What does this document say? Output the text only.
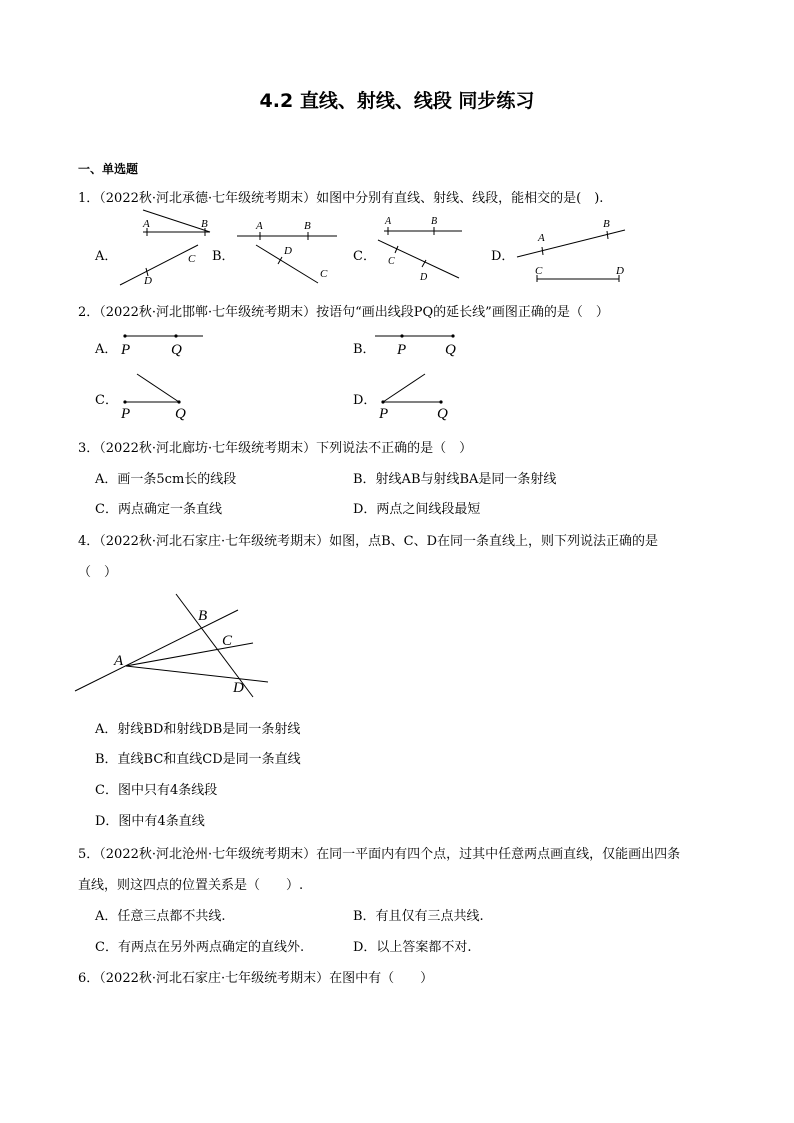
4.2 直线、射线、线段 同步练习
一、单选题
1．（2022秋·河北承德·七年级统考期末）如图中分别有直线、射线、线段，能相交的是(　).
A．	B．	C．	D．
A	B
D
C
A	B
D
C
A	B
C
D
A
B
C	D
2．（2022秋·河北邯郸·七年级统考期末）按语句“画出线段PQ的延长线”画图正确的是（　）
A．	B．
C．	D．
P	Q	P	Q
P	Q	P	Q
3．（2022秋·河北廊坊·七年级统考期末）下列说法不正确的是（　）
A．画一条5cm长的线段	B．射线AB与射线BA是同一条射线
C．两点确定一条直线	D．两点之间线段最短
4．（2022秋·河北石家庄·七年级统考期末）如图，点B、C、D在同一条直线上，则下列说法正确的是
（　）
A
B
C
D
A．射线BD和射线DB是同一条射线
B．直线BC和直线CD是同一条直线
C．图中只有4条线段
D．图中有4条直线
5．（2022秋·河北沧州·七年级统考期末）在同一平面内有四个点，过其中任意两点画直线，仅能画出四条
直线，则这四点的位置关系是（　　）.
A．任意三点都不共线.	B．有且仅有三点共线.
C．有两点在另外两点确定的直线外.	D．以上答案都不对.
6．（2022秋·河北石家庄·七年级统考期末）在图中有（　　）
